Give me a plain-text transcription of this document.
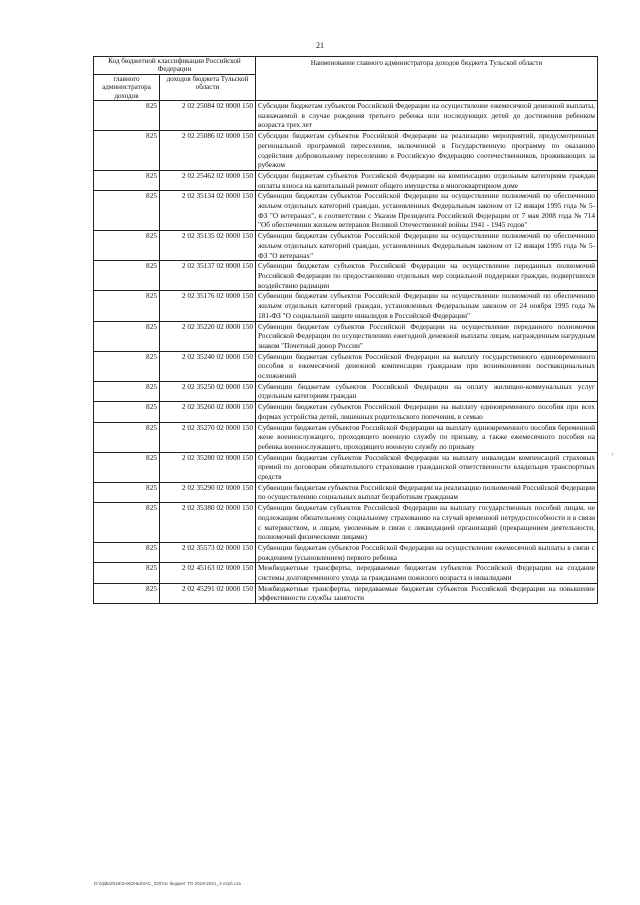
21
Код бюджетной классификации Российской Федерации		Наименование главного администратора доходов бюджета Тульской области
главного администратора доходов	доходов бюджета Тульской области	
825	2 02 25084 02 0000 150	Субсидии бюджетам субъектов Российской Федерации на осуществление ежемесячной денежной выплаты, назначаемой в случае рождения третьего ребенка или последующих детей до достижения ребенком возраста трех лет
825	2 02 25086 02 0000 150	Субсидии бюджетам субъектов Российской Федерации на реализацию мероприятий, предусмотренных региональной программой переселения, включенной в Государственную программу по оказанию содействия добровольному переселению в Российскую Федерацию соотечественников, проживающих за рубежом
825	2 02 25462 02 0000 150	Субсидии бюджетам субъектов Российской Федерации на компенсацию отдельным категориям граждан оплаты взноса на капитальный ремонт общего имущества в многоквартирном доме
825	2 02 35134 02 0000 150	Субвенции бюджетам субъектов Российской Федерации на осуществление полномочий по обеспечению жильем отдельных категорий граждан, установленных Федеральным законом от 12 января 1995 года № 5-ФЗ "О ветеранах", в соответствии с Указом Президента Российской Федерации от 7 мая 2008 года № 714 "Об обеспечении жильем ветеранов Великой Отечественной войны 1941 - 1945 годов"
825	2 02 35135 02 0000 150	Субвенции бюджетам субъектов Российской Федерации на осуществление полномочий по обеспечению жильем отдельных категорий граждан, установленных Федеральным законом от 12 января 1995 года № 5-ФЗ "О ветеранах"
825	2 02 35137 02 0000 150	Субвенции бюджетам субъектов Российской Федерации на осуществление переданных полномочий Российской Федерации по предоставлению отдельных мер социальной поддержки граждан, подвергшихся воздействию радиации
825	2 02 35176 02 0000 150	Субвенции бюджетам субъектов Российской Федерации на осуществление полномочий по обеспечению жильем отдельных категорий граждан, установленных Федеральным законом от 24 ноября 1995 года № 181-ФЗ "О социальной защите инвалидов в Российской Федерации"
825	2 02 35220 02 0000 150	Субвенции бюджетам субъектов Российской Федерации на осуществление переданного полномочия Российской Федерации по осуществлению ежегодной денежной выплаты лицам, награжденным нагрудным знаком "Почетный донор России"
825	2 02 35240 02 0000 150	Субвенции бюджетам субъектов Российской Федерации на выплату государственного единовременного пособия и ежемесячной денежной компенсации гражданам при возникновении поствакцинальных осложнений
825	2 02 35250 02 0000 150	Субвенции бюджетам субъектов Российской Федерации на оплату жилищно-коммунальных услуг отдельным категориям граждан
825	2 02 35260 02 0000 150	Субвенции бюджетам субъектов Российской Федерации на выплату единовременного пособия при всех формах устройства детей, лишенных родительского попечения, в семью
825	2 02 35270 02 0000 150	Субвенции бюджетам субъектов Российской Федерации на выплату единовременного пособия беременной жене военнослужащего, проходящего военную службу по призыву, а также ежемесячного пособия на ребенка военнослужащего, проходящего военную службу по призыву
825	2 02 35280 02 0000 150	Субвенции бюджетам субъектов Российской Федерации на выплату инвалидам компенсаций страховых премий по договорам обязательного страхования гражданской ответственности владельцев транспортных средств
825	2 02 35290 02 0000 150	Субвенции бюджетам субъектов Российской Федерации на реализацию полномочий Российской Федерации по осуществлению социальных выплат безработным гражданам
825	2 02 35380 02 0000 150	Субвенции бюджетам субъектов Российской Федерации на выплату государственных пособий лицам, не подлежащим обязательному социальному страхованию на случай временной нетрудоспособности и в связи с материнством, и лицам, уволенным в связи с ликвидацией организаций (прекращением деятельности, полномочий физическими лицами)
825	2 02 35573 02 0000 150	Субвенции бюджетам субъектов Российской Федерации на осуществление ежемесячной выплаты в связи с рождением (усыновлением) первого ребенка
825	2 02 45163 02 0000 150	Межбюджетные трансферты, передаваемые бюджетам субъектов Российской Федерации на создание системы долговременного ухода за гражданами пожилого возраста и инвалидами
825	2 02 45291 02 0000 150	Межбюджетные трансферты, передаваемые бюджетам субъектов Российской Федерации на повышение эффективности службы занятости
D:\УДБ\2019\ЗАКОНЫ\ЗАС_02\Пос бюджет ТО 2019-2021_3 отрб.с2х
'
